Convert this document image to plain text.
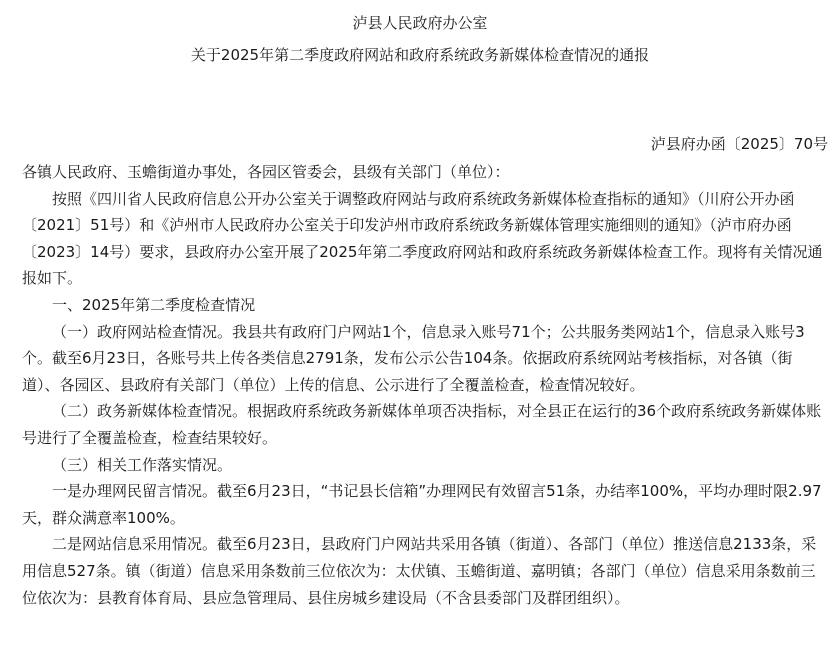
泸县人民政府办公室
关于2025年第二季度政府网站和政府系统政务新媒体检查情况的通报
泸县府办函〔2025〕70号

各镇人民政府、玉蟾街道办事处，各园区管委会，县级有关部门（单位）：

按照《四川省人民政府信息公开办公室关于调整政府网站与政府系统政务新媒体检查指标的通知》（川府公开办函〔2021〕51号）和《泸州市人民政府办公室关于印发泸州市政府系统政务新媒体管理实施细则的通知》（泸市府办函〔2023〕14号）要求，县政府办公室开展了2025年第二季度政府网站和政府系统政务新媒体检查工作。现将有关情况通报如下。

一、2025年第二季度检查情况

（一）政府网站检查情况。我县共有政府门户网站1个，信息录入账号71个；公共服务类网站1个，信息录入账号3个。截至6月23日，各账号共上传各类信息2791条，发布公示公告104条。依据政府系统网站考核指标，对各镇（街道）、各园区、县政府有关部门（单位）上传的信息、公示进行了全覆盖检查，检查情况较好。

（二）政务新媒体检查情况。根据政府系统政务新媒体单项否决指标，对全县正在运行的36个政府系统政务新媒体账号进行了全覆盖检查，检查结果较好。

（三）相关工作落实情况。

一是办理网民留言情况。截至6月23日，“书记县长信箱”办理网民有效留言51条，办结率100%，平均办理时限2.97天，群众满意率100%。

二是网站信息采用情况。截至6月23日，县政府门户网站共采用各镇（街道）、各部门（单位）推送信息2133条，采用信息527条。镇（街道）信息采用条数前三位依次为：太伏镇、玉蟾街道、嘉明镇；各部门（单位）信息采用条数前三位依次为：县教育体育局、县应急管理局、县住房城乡建设局（不含县委部门及群团组织）。
